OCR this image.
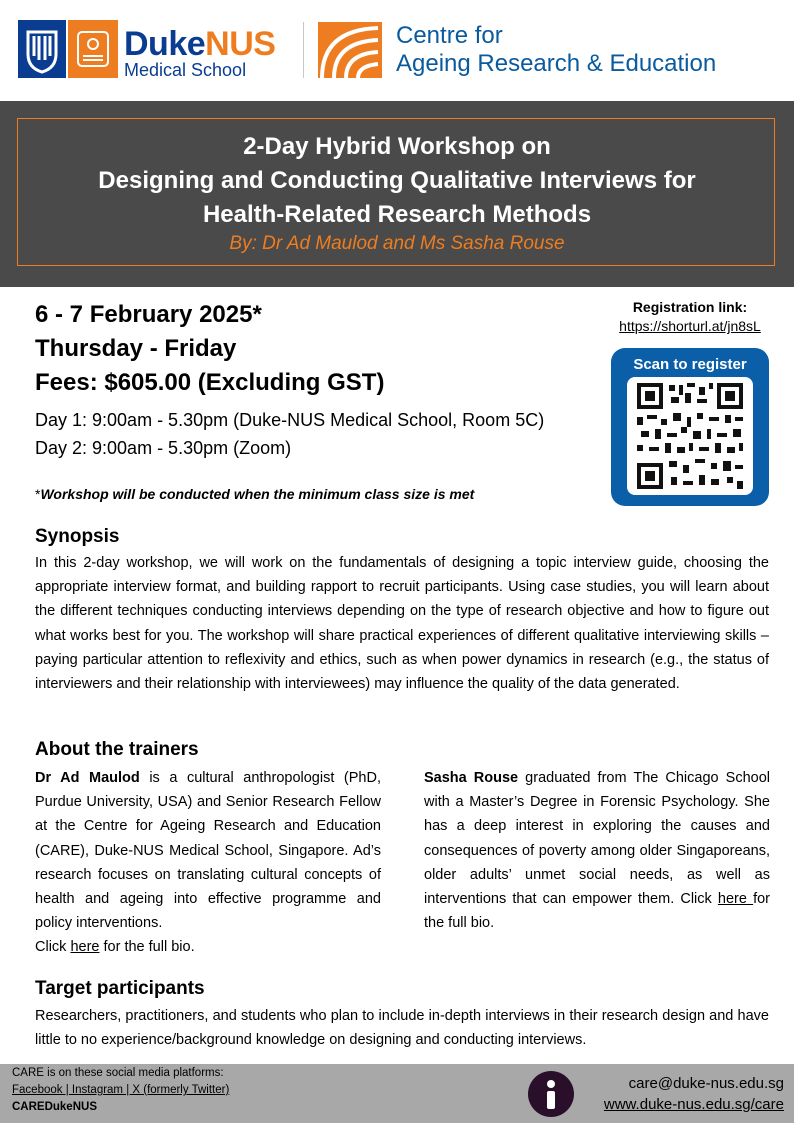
DukeNUS
Medical School
Centre for
Ageing Research & Education
2-Day Hybrid Workshop on
Designing and Conducting Qualitative Interviews for
Health-Related Research Methods
By: Dr Ad Maulod and Ms Sasha Rouse
6 - 7 February 2025*
Thursday - Friday
Fees: $605.00 (Excluding GST)
Day 1: 9:00am - 5.30pm (Duke-NUS Medical School, Room 5C)
Day 2: 9:00am - 5.30pm (Zoom)
*Workshop will be conducted when the minimum class size is met
Registration link:
https://shorturl.at/jn8sL
Scan to register
Synopsis
In this 2-day workshop, we will work on the fundamentals of designing a topic interview guide, choosing the appropriate interview format, and building rapport to recruit participants. Using case studies, you will learn about the different techniques conducting interviews depending on the type of research objective and how to figure out what works best for you. The workshop will share practical experiences of different qualitative interviewing skills – paying particular attention to reflexivity and ethics, such as when power dynamics in research (e.g., the status of interviewers and their relationship with interviewees) may influence the quality of the data generated.
About the trainers
Dr Ad Maulod is a cultural anthropologist (PhD, Purdue University, USA) and Senior Research Fellow at the Centre for Ageing Research and Education (CARE), Duke-NUS Medical School, Singapore. Ad’s research focuses on translating cultural concepts of health and ageing into effective programme and policy interventions.
Click here for the full bio.
Sasha Rouse graduated from The Chicago School with a Master’s Degree in Forensic Psychology. She has a deep interest in exploring the causes and consequences of poverty among older Singaporeans, older adults’ unmet social needs, as well as interventions that can empower them. Click here for the full bio.
Target participants
Researchers, practitioners, and students who plan to include in-depth interviews in their research design and have little to no experience/background knowledge on designing and conducting interviews.
CARE is on these social media platforms:
Facebook | Instagram | X (formerly Twitter)
CAREDukeNUS
care@duke-nus.edu.sg
www.duke-nus.edu.sg/care
